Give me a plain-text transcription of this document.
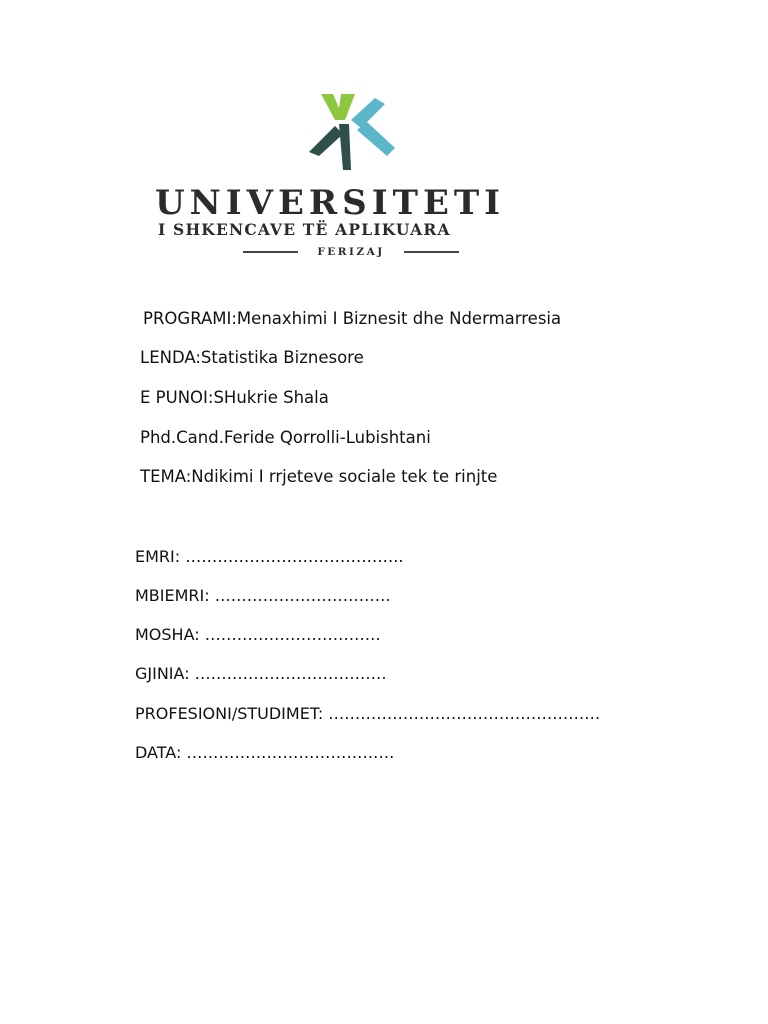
UNIVERSITETI
I SHKENCAVE TË APLIKUARA
FERIZAJ
PROGRAMI:Menaxhimi I Biznesit dhe Ndermarresia
LENDA:Statistika Biznesore
E PUNOI:SHukrie Shala
Phd.Cand.Feride Qorrolli-Lubishtani
TEMA:Ndikimi I rrjeteve sociale tek te rinjte
EMRI: …………………………………..
MBIEMRI: ……………………………
MOSHA: ……………………………
GJINIA: ………………………………
PROFESIONI/STUDIMET: ……………………………………………
DATA: …………………………………
